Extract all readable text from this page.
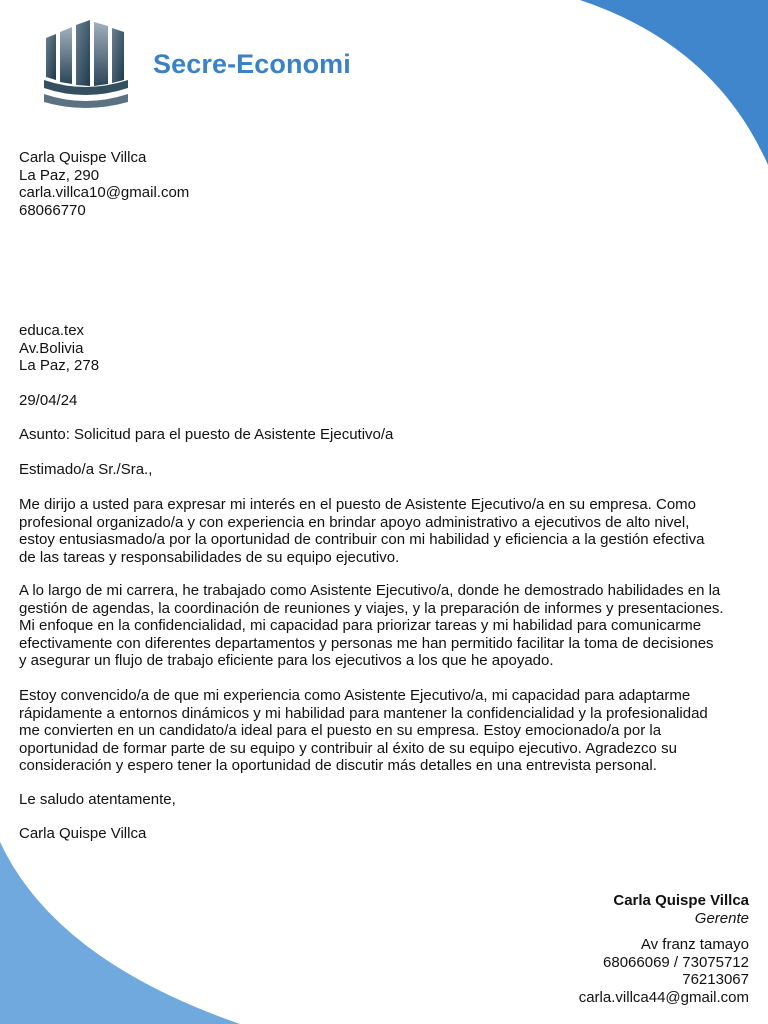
Secre-Economi
Carla Quispe Villca
La Paz, 290
carla.villca10@gmail.com
68066770
educa.tex
Av.Bolivia
La Paz, 278
29/04/24
Asunto: Solicitud para el puesto de Asistente Ejecutivo/a
Estimado/a Sr./Sra.,
Me dirijo a usted para expresar mi interés en el puesto de Asistente Ejecutivo/a en su empresa. Como
profesional organizado/a y con experiencia en brindar apoyo administrativo a ejecutivos de alto nivel,
estoy entusiasmado/a por la oportunidad de contribuir con mi habilidad y eficiencia a la gestión efectiva
de las tareas y responsabilidades de su equipo ejecutivo.
A lo largo de mi carrera, he trabajado como Asistente Ejecutivo/a, donde he demostrado habilidades en la
gestión de agendas, la coordinación de reuniones y viajes, y la preparación de informes y presentaciones.
Mi enfoque en la confidencialidad, mi capacidad para priorizar tareas y mi habilidad para comunicarme
efectivamente con diferentes departamentos y personas me han permitido facilitar la toma de decisiones
y asegurar un flujo de trabajo eficiente para los ejecutivos a los que he apoyado.
Estoy convencido/a de que mi experiencia como Asistente Ejecutivo/a, mi capacidad para adaptarme
rápidamente a entornos dinámicos y mi habilidad para mantener la confidencialidad y la profesionalidad
me convierten en un candidato/a ideal para el puesto en su empresa. Estoy emocionado/a por la
oportunidad de formar parte de su equipo y contribuir al éxito de su equipo ejecutivo. Agradezco su
consideración y espero tener la oportunidad de discutir más detalles en una entrevista personal.
Le saludo atentamente,
Carla Quispe Villca
Carla Quispe Villca
Gerente
Av franz tamayo
68066069 / 73075712
76213067
carla.villca44@gmail.com
